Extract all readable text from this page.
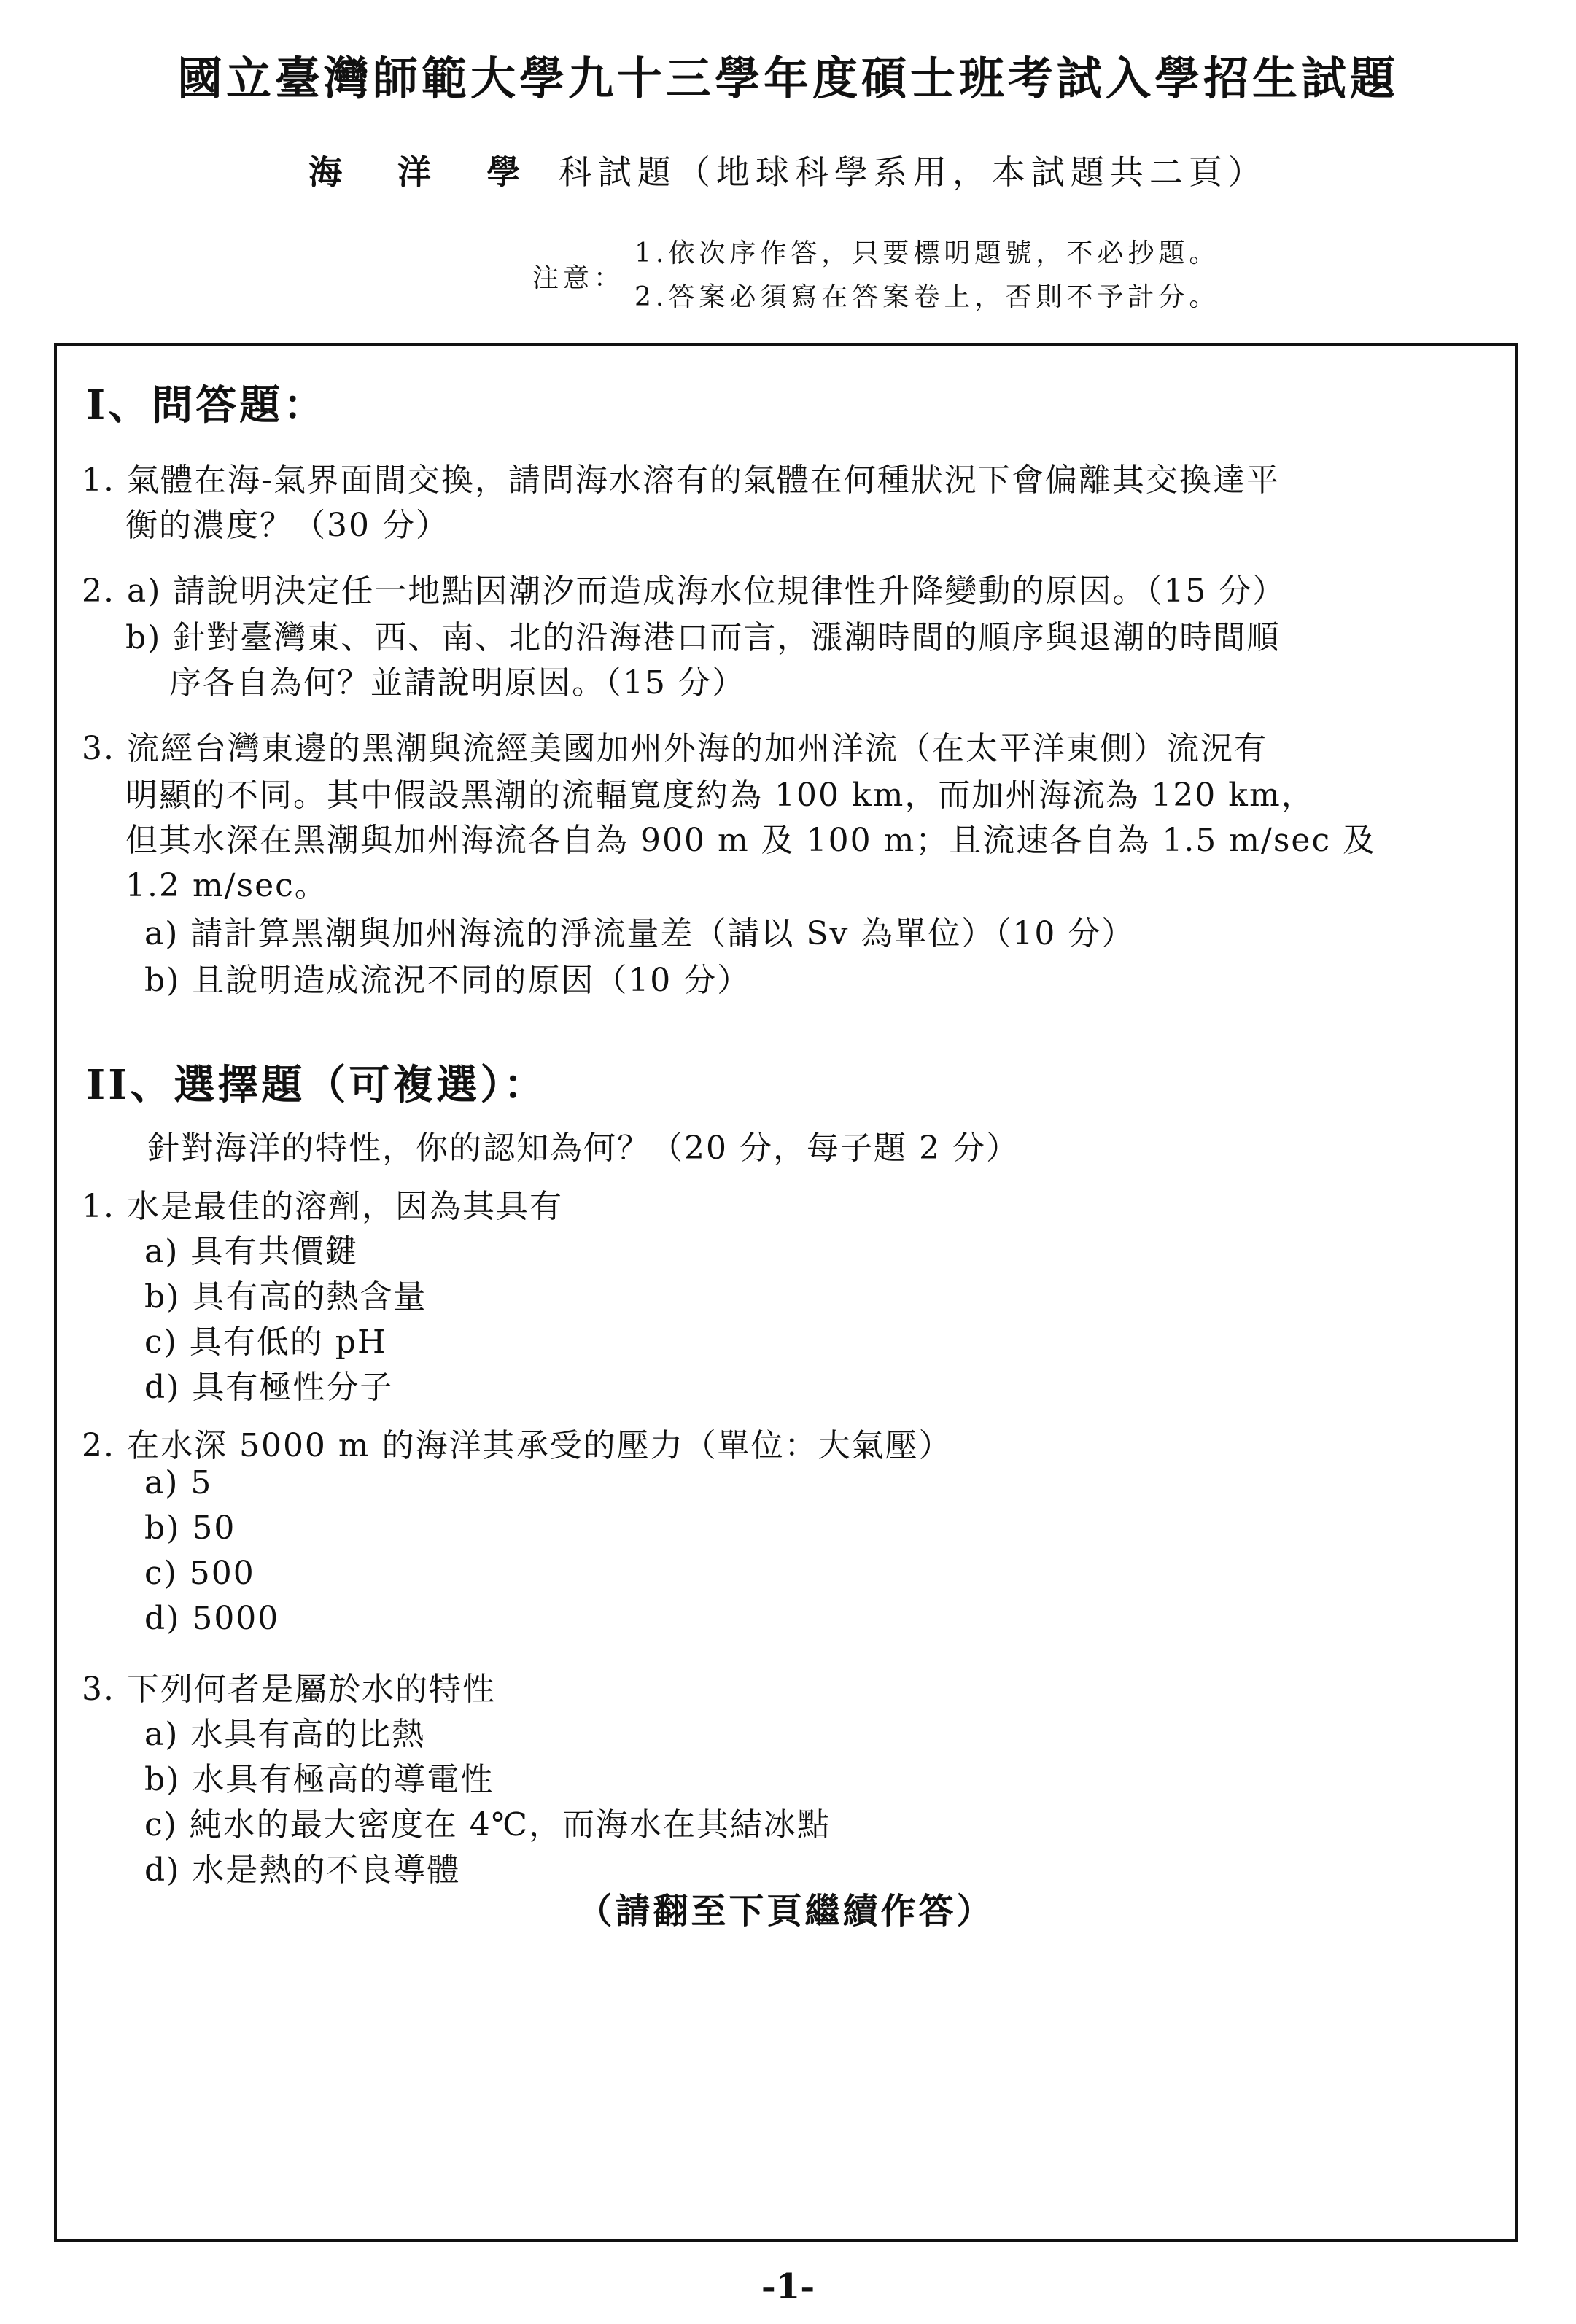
國立臺灣師範大學九十三學年度碩士班考試入學招生試題
海 洋 學 科試題（地球科學系用，本試題共二頁）
注意：
1.依次序作答，只要標明題號，不必抄題。
2.答案必須寫在答案卷上，否則不予計分。
I、問答題：
1. 氣體在海-氣界面間交換，請問海水溶有的氣體在何種狀況下會偏離其交換達平
衡的濃度？（30 分）
2. a) 請說明決定任一地點因潮汐而造成海水位規律性升降變動的原因。（15 分）
b) 針對臺灣東、西、南、北的沿海港口而言，漲潮時間的順序與退潮的時間順
序各自為何？並請說明原因。（15 分）
3. 流經台灣東邊的黑潮與流經美國加州外海的加州洋流（在太平洋東側）流況有
明顯的不同。其中假設黑潮的流輻寬度約為 100 km，而加州海流為 120 km，
但其水深在黑潮與加州海流各自為 900 m 及 100 m；且流速各自為 1.5 m/sec 及
1.2 m/sec。
a) 請計算黑潮與加州海流的淨流量差（請以 Sv 為單位）（10 分）
b) 且說明造成流況不同的原因（10 分）
II、選擇題（可複選）：
針對海洋的特性，你的認知為何？（20 分，每子題 2 分）
1. 水是最佳的溶劑，因為其具有
a) 具有共價鍵
b) 具有高的熱含量
c) 具有低的 pH
d) 具有極性分子
2. 在水深 5000 m 的海洋其承受的壓力（單位：大氣壓）
a) 5
b) 50
c) 500
d) 5000
3. 下列何者是屬於水的特性
a) 水具有高的比熱
b) 水具有極高的導電性
c) 純水的最大密度在 4℃，而海水在其結冰點
d) 水是熱的不良導體
（請翻至下頁繼續作答）
-1-
